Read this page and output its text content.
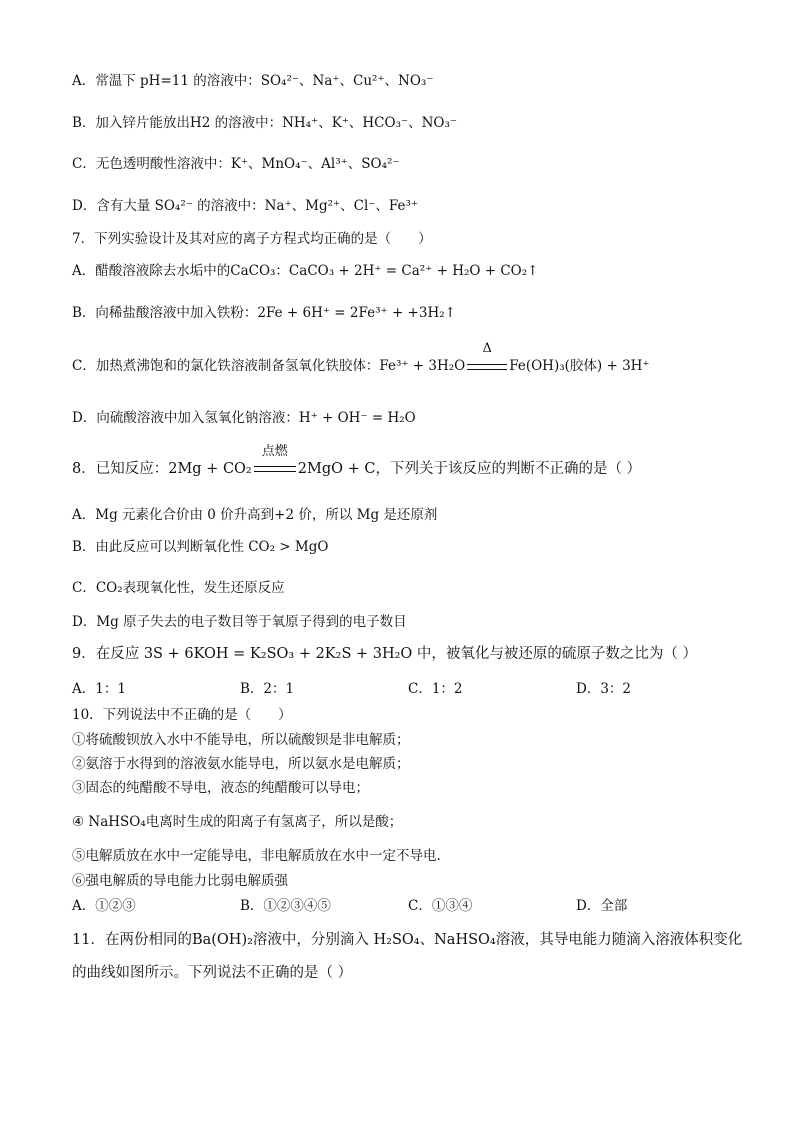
A．常温下 pH=11 的溶液中：SO₄²⁻、Na⁺、Cu²⁺、NO₃⁻
B．加入锌片能放出H2 的溶液中：NH₄⁺、K⁺、HCO₃⁻、NO₃⁻
C．无色透明酸性溶液中：K⁺、MnO₄⁻、Al³⁺、SO₄²⁻
D．含有大量 SO₄²⁻ 的溶液中：Na⁺、Mg²⁺、Cl⁻、Fe³⁺
7．下列实验设计及其对应的离子方程式均正确的是（　　）
A．醋酸溶液除去水垢中的CaCO₃：CaCO₃ + 2H⁺ = Ca²⁺ + H₂O + CO₂↑
B．向稀盐酸溶液中加入铁粉：2Fe + 6H⁺ = 2Fe³⁺ + +3H₂↑
C．加热煮沸饱和的氯化铁溶液制备氢氧化铁胶体：Fe³⁺ + 3H₂O
Δ
Fe(OH)₃(胶体) + 3H⁺
D．向硫酸溶液中加入氢氧化钠溶液：H⁺ + OH⁻ = H₂O
8．已知反应：2Mg + CO₂
点燃
2MgO + C，下列关于该反应的判断不正确的是（ ）
A．Mg 元素化合价由 0 价升高到+2 价，所以 Mg 是还原剂
B．由此反应可以判断氧化性 CO₂ > MgO
C．CO₂表现氧化性，发生还原反应
D．Mg 原子失去的电子数目等于氧原子得到的电子数目
9．在反应 3S + 6KOH = K₂SO₃ + 2K₂S + 3H₂O 中，被氧化与被还原的硫原子数之比为（ ）
A．1：1	B．2：1	C．1：2	D．3：2
10．下列说法中不正确的是（　　）
①将硫酸钡放入水中不能导电，所以硫酸钡是非电解质；
②氨溶于水得到的溶液氨水能导电，所以氨水是电解质；
③固态的纯醋酸不导电，液态的纯醋酸可以导电；
④ NaHSO₄电离时生成的阳离子有氢离子，所以是酸；
⑤电解质放在水中一定能导电，非电解质放在水中一定不导电.
⑥强电解质的导电能力比弱电解质强
A．①②③	B．①②③④⑤	C．①③④	D．全部
11．在两份相同的Ba(OH)₂溶液中，分别滴入 H₂SO₄、NaHSO₄溶液，其导电能力随滴入溶液体积变化
的曲线如图所示。下列说法不正确的是（ ）
